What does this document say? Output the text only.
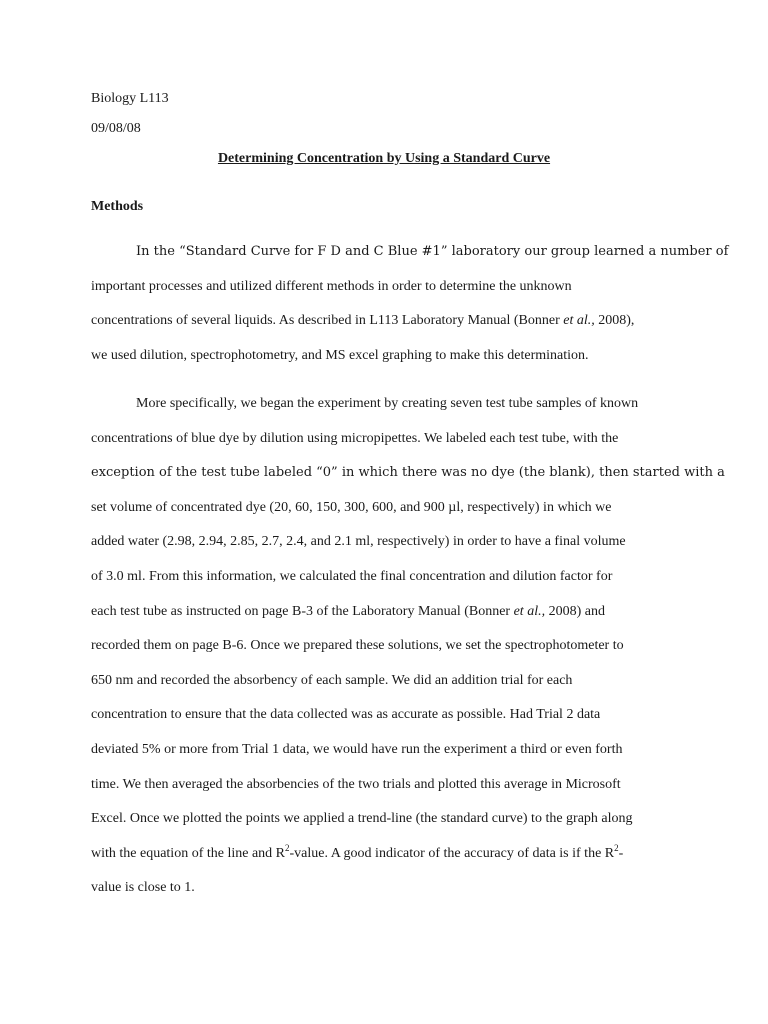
Biology L113
09/08/08
Determining Concentration by Using a Standard Curve
Methods
In the “Standard Curve for F D and C Blue #1” laboratory our group learned a number of
important processes and utilized different methods in order to determine the unknown
concentrations of several liquids. As described in L113 Laboratory Manual (Bonner et al., 2008),
we used dilution, spectrophotometry, and MS excel graphing to make this determination.
More specifically, we began the experiment by creating seven test tube samples of known
concentrations of blue dye by dilution using micropipettes. We labeled each test tube, with the
exception of the test tube labeled “0” in which there was no dye (the blank), then started with a
set volume of concentrated dye (20, 60, 150, 300, 600, and 900 µl, respectively) in which we
added water (2.98, 2.94, 2.85, 2.7, 2.4, and 2.1 ml, respectively) in order to have a final volume
of 3.0 ml. From this information, we calculated the final concentration and dilution factor for
each test tube as instructed on page B-3 of the Laboratory Manual (Bonner et al., 2008) and
recorded them on page B-6. Once we prepared these solutions, we set the spectrophotometer to
650 nm and recorded the absorbency of each sample. We did an addition trial for each
concentration to ensure that the data collected was as accurate as possible. Had Trial 2 data
deviated 5% or more from Trial 1 data, we would have run the experiment a third or even forth
time. We then averaged the absorbencies of the two trials and plotted this average in Microsoft
Excel. Once we plotted the points we applied a trend-line (the standard curve) to the graph along
with the equation of the line and $R^2$-value. A good indicator of the accuracy of data is if the $R^2-$
value is close to 1.
